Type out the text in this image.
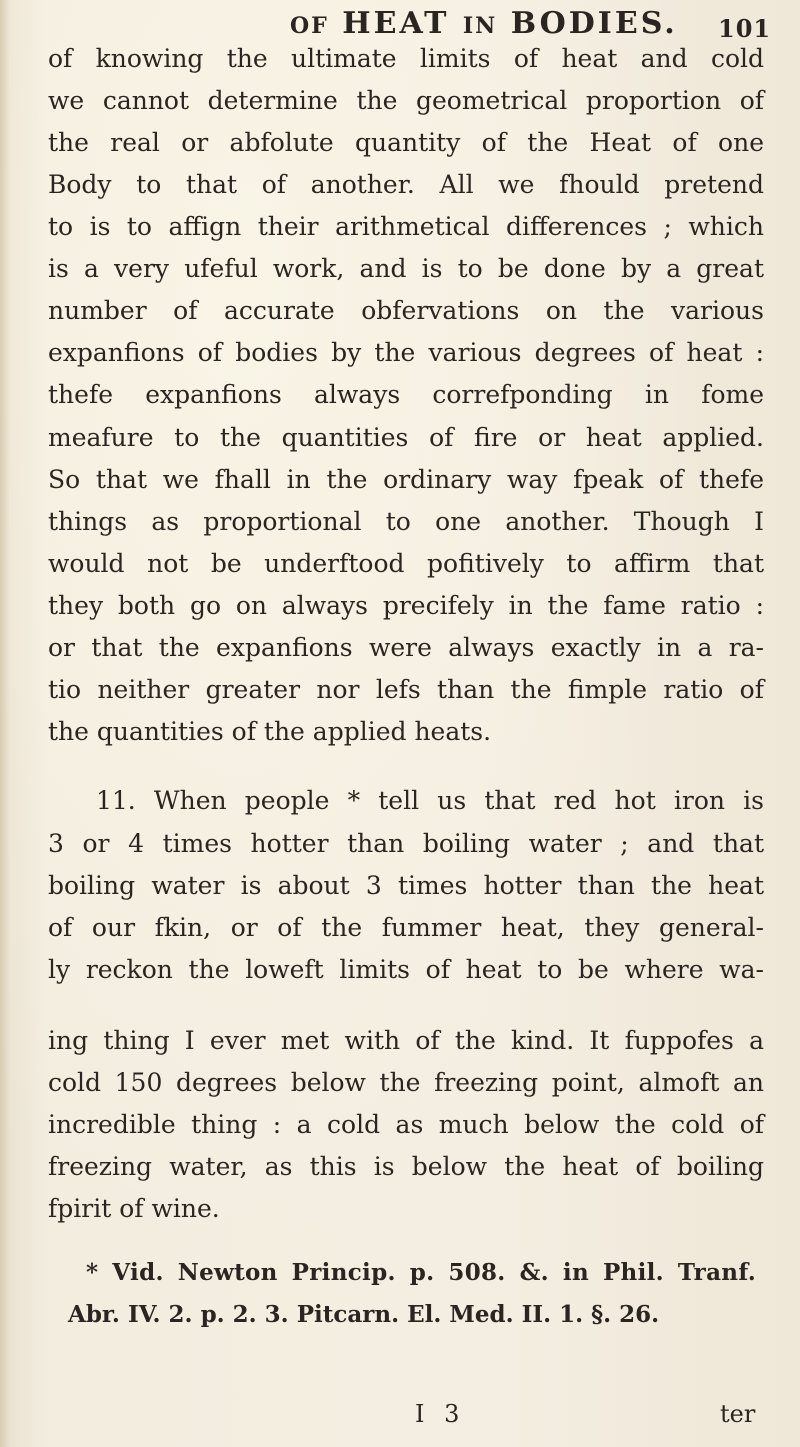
OF HEAT IN BODIES. 101
of knowing the ultimate limits of heat and cold
we cannot determine the geometrical proportion of
the real or abfolute quantity of the Heat of one
Body to that of another. All we fhould pretend
to is to affign their arithmetical differences ; which
is a very ufeful work, and is to be done by a great
number of accurate obfervations on the various
expanfions of bodies by the various degrees of heat :
thefe expanfions always correfponding in fome
meafure to the quantities of fire or heat applied.
So that we fhall in the ordinary way fpeak of thefe
things as proportional to one another. Though I
would not be underftood pofitively to affirm that
they both go on always precifely in the fame ratio :
or that the expanfions were always exactly in a ra-
tio neither greater nor lefs than the fimple ratio of
the quantities of the applied heats.
11. When people * tell us that red hot iron is
3 or 4 times hotter than boiling water ; and that
boiling water is about 3 times hotter than the heat
of our fkin, or of the fummer heat, they general-
ly reckon the loweft limits of heat to be where wa-
ing thing I ever met with of the kind. It fuppofes a
cold 150 degrees below the freezing point, almoft an
incredible thing : a cold as much below the cold of
freezing water, as this is below the heat of boiling
fpirit of wine.
* Vid. Newton Princip. p. 508. &. in Phil. Tranf.
Abr. IV. 2. p. 2. 3. Pitcarn. El. Med. II. 1. §. 26.
I 3	ter
